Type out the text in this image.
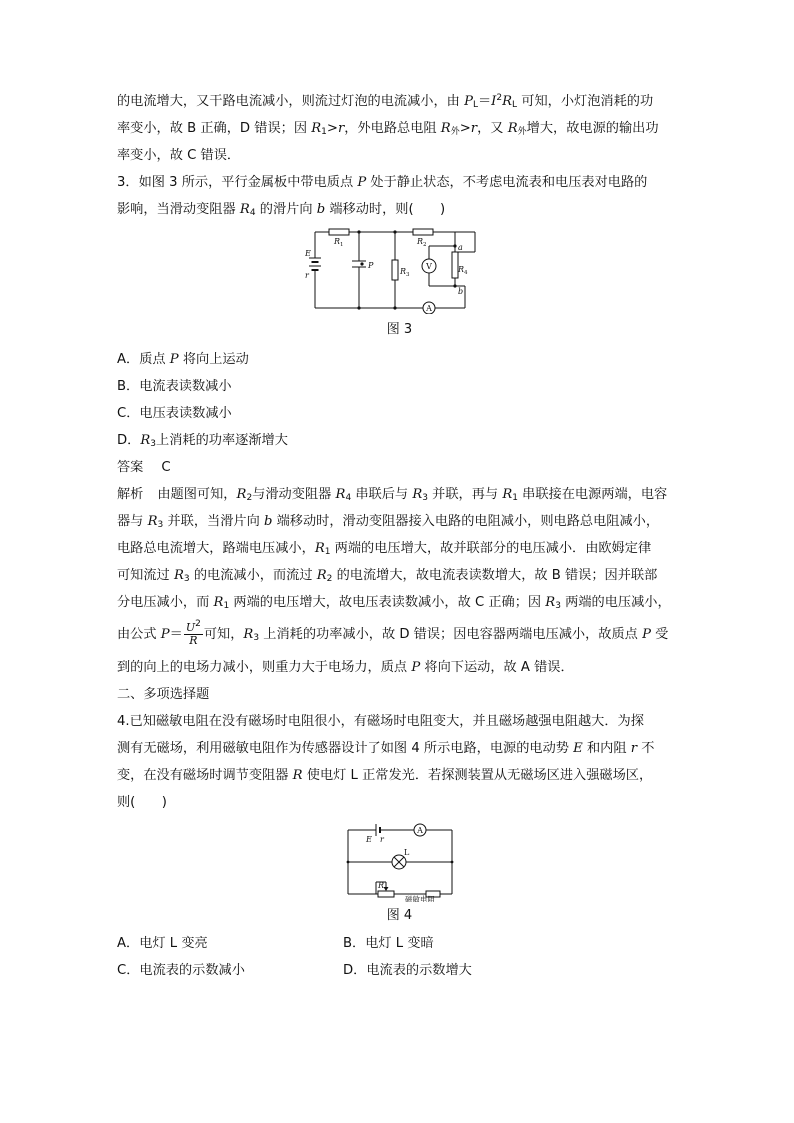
的电流增大，又干路电流减小，则流过灯泡的电流减小，由 $P_L=I^2R_L$ 可知，小灯泡消耗的功
率变小，故 B 正确，D 错误；因 $R_1>r$，外电路总电阻 $R_外>r$，又 $R_外$增大，故电源的输出功
率变小，故 C 错误．
3．如图 3 所示，平行金属板中带电质点 P 处于静止状态，不考虑电流表和电压表对电路的
影响，当滑动变阻器 $R_4$ 的滑片向 b 端移动时，则(　　)
R 1	R 2
R 3
R 4
E
r
P
a
b
V
A
图 3
A．质点 P 将向上运动
B．电流表读数减小
C．电压表读数减小
D．$R_3$上消耗的功率逐渐增大
答案 C
解析 由题图可知，$R_2$与滑动变阻器 $R_4$ 串联后与 $R_3$ 并联，再与 $R_1$ 串联接在电源两端，电容
器与 $R_3$ 并联，当滑片向 b 端移动时，滑动变阻器接入电路的电阻减小，则电路总电阻减小，
电路总电流增大，路端电压减小，$R_1$ 两端的电压增大，故并联部分的电压减小．由欧姆定律
可知流过 $R_3$ 的电流减小，而流过 $R_2$ 的电流增大，故电流表读数增大，故 B 错误；因并联部
分电压减小，而 $R_1$ 两端的电压增大，故电压表读数减小，故 C 正确；因 $R_3$ 两端的电压减小，
由公式 $P= \frac{U^2}{R}$ 可知，$R_3$ 上消耗的功率减小，故 D 错误；因电容器两端电压减小，故质点 P 受
到的向上的电场力减小，则重力大于电场力，质点 P 将向下运动，故 A 错误．
二、多项选择题
4.已知磁敏电阻在没有磁场时电阻很小，有磁场时电阻变大，并且磁场越强电阻越大．为探
测有无磁场，利用磁敏电阻作为传感器设计了如图 4 所示电路，电源的电动势 E 和内阻 r 不
变，在没有磁场时调节变阻器 R 使电灯 L 正常发光．若探测装置从无磁场区进入强磁场区，
则(　　)
E r
A
L
R
磁敏电阻
图 4
A．电灯 L 变亮	B．电灯 L 变暗
C．电流表的示数减小	D．电流表的示数增大
